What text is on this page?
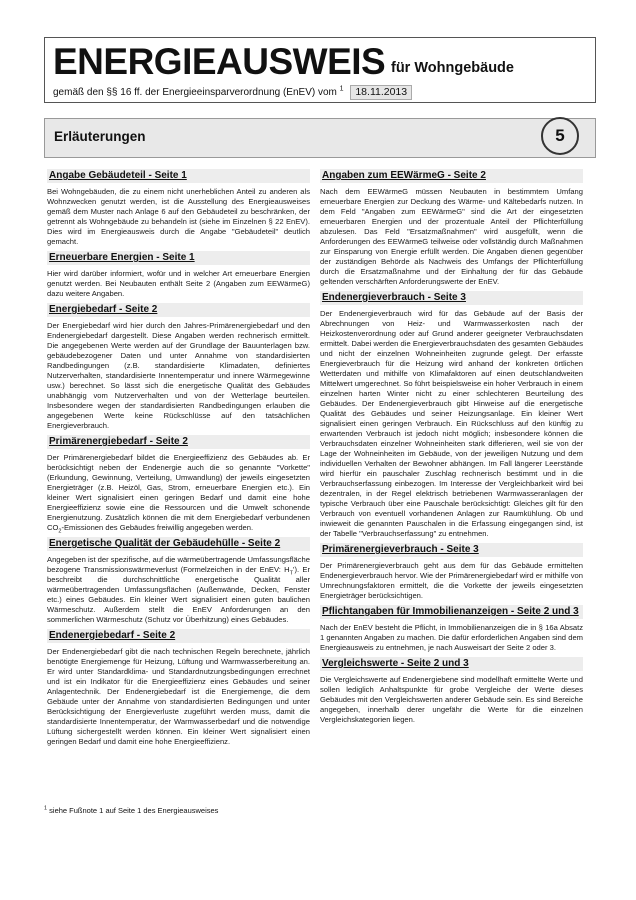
ENERGIEAUSWEIS für Wohngebäude
gemäß den §§ 16 ff. der Energieeinsparverordnung (EnEV) vom $^1$ 18.11.2013
Erläuterungen	5
Angabe Gebäudeteil - Seite 1

Bei Wohngebäuden, die zu einem nicht unerheblichen Anteil zu anderen als Wohnzwecken genutzt werden, ist die Ausstellung des Energieausweises gemäß dem Muster nach Anlage 6 auf den Gebäudeteil zu beschränken, der getrennt als Wohngebäude zu behandeln ist (siehe im Einzelnen § 22 EnEV). Dies wird im Energieausweis durch die Angabe "Gebäudeteil" deutlich gemacht.

Erneuerbare Energien - Seite 1

Hier wird darüber informiert, wofür und in welcher Art erneuerbare Energien genutzt werden. Bei Neubauten enthält Seite 2 (Angaben zum EEWärmeG) dazu weitere Angaben.

Energiebedarf - Seite 2

Der Energiebedarf wird hier durch den Jahres-Primärenergiebedarf und den Endenergiebedarf dargestellt. Diese Angaben werden rechnerisch ermittelt. Die angegebenen Werte werden auf der Grundlage der Bauunterlagen bzw. gebäudebezogener Daten und unter Annahme von standardisierten Randbedingungen (z.B. standardisierte Klimadaten, definiertes Nutzerverhalten, standardisierte Innentemperatur und innere Wärmegewinne usw.) berechnet. So lässt sich die energetische Qualität des Gebäudes unabhängig vom Nutzerverhalten und von der Wetterlage beurteilen. Insbesondere wegen der standardisierten Randbedingungen erlauben die angegebenen Werte keine Rückschlüsse auf den tatsächlichen Energieverbrauch.

Primärenergiebedarf - Seite 2

Der Primärenergiebedarf bildet die Energieeffizienz des Gebäudes ab. Er berücksichtigt neben der Endenergie auch die so genannte "Vorkette" (Erkundung, Gewinnung, Verteilung, Umwandlung) der jeweils eingesetzten Energieträger (z.B. Heizöl, Gas, Strom, erneuerbare Energien etc.). Ein kleiner Wert signalisiert einen geringen Bedarf und damit eine hohe Energieeffizienz sowie eine die Ressourcen und die Umwelt schonende Energienutzung. Zusätzlich können die mit dem Energiebedarf verbundenen $CO_2$-Emissionen des Gebäudes freiwillig angegeben werden.

Energetische Qualität der Gebäudehülle - Seite 2

Angegeben ist der spezifische, auf die wärmeübertragende Umfassungsfläche bezogene Transmissionswärmeverlust (Formelzeichen in der EnEV: $H_T'$). Er beschreibt die durchschnittliche energetische Qualität aller wärmeübertragenden Umfassungsflächen (Außenwände, Decken, Fenster etc.) eines Gebäudes. Ein kleiner Wert signalisiert einen guten baulichen Wärmeschutz. Außerdem stellt die EnEV Anforderungen an den sommerlichen Wärmeschutz (Schutz vor Überhitzung) eines Gebäudes.

Endenergiebedarf - Seite 2

Der Endenergiebedarf gibt die nach technischen Regeln berechnete, jährlich benötigte Energiemenge für Heizung, Lüftung und Warmwasserbereitung an. Er wird unter Standardklima- und Standardnutzungsbedingungen errechnet und ist ein Indikator für die Energieeffizienz eines Gebäudes und seiner Anlagentechnik. Der Endenergiebedarf ist die Energiemenge, die dem Gebäude unter der Annahme von standardisierten Bedingungen und unter Berücksichtigung der Energieverluste zugeführt werden muss, damit die standardisierte Innentemperatur, der Warmwasserbedarf und die notwendige Lüftung sichergestellt werden können. Ein kleiner Wert signalisiert einen geringen Bedarf und damit eine hohe Energieeffizienz.

Angaben zum EEWärmeG - Seite 2

Nach dem EEWärmeG müssen Neubauten in bestimmtem Umfang erneuerbare Energien zur Deckung des Wärme- und Kältebedarfs nutzen. In dem Feld "Angaben zum EEWärmeG" sind die Art der eingesetzten erneuerbaren Energien und der prozentuale Anteil der Pflichterfüllung abzulesen. Das Feld "Ersatzmaßnahmen" wird ausgefüllt, wenn die Anforderungen des EEWärmeG teilweise oder vollständig durch Maßnahmen zur Einsparung von Energie erfüllt werden. Die Angaben dienen gegenüber der zuständigen Behörde als Nachweis des Umfangs der Pflichterfüllung durch die Ersatzmaßnahme und der Einhaltung der für das Gebäude geltenden verschärften Anforderungswerte der EnEV.

Endenergieverbrauch - Seite 3

Der Endenergieverbrauch wird für das Gebäude auf der Basis der Abrechnungen von Heiz- und Warmwasserkosten nach der Heizkostenverordnung oder auf Grund anderer geeigneter Verbrauchsdaten ermittelt. Dabei werden die Energieverbrauchsdaten des gesamten Gebäudes und nicht der einzelnen Wohneinheiten zugrunde gelegt. Der erfasste Energieverbrauch für die Heizung wird anhand der konkreten örtlichen Wetterdaten und mithilfe von Klimafaktoren auf einen deutschlandweiten Mittelwert umgerechnet. So führt beispielsweise ein hoher Verbrauch in einem einzelnen harten Winter nicht zu einer schlechteren Beurteilung des Gebäudes. Der Endenergieverbrauch gibt Hinweise auf die energetische Qualität des Gebäudes und seiner Heizungsanlage. Ein kleiner Wert signalisiert einen geringen Verbrauch. Ein Rückschluss auf den künftig zu erwartenden Verbrauch ist jedoch nicht möglich; insbesondere können die Verbrauchsdaten einzelner Wohneinheiten stark differieren, weil sie von der Lage der Wohneinheiten im Gebäude, von der jeweiligen Nutzung und dem individuellen Verhalten der Bewohner abhängen. Im Fall längerer Leerstände wird hierfür ein pauschaler Zuschlag rechnerisch bestimmt und in die Verbrauchserfassung einbezogen. Im Interesse der Vergleichbarkeit wird bei dezentralen, in der Regel elektrisch betriebenen Warmwasseranlagen der typische Verbrauch über eine Pauschale berücksichtigt: Gleiches gilt für den Verbrauch von eventuell vorhandenen Anlagen zur Raumkühlung. Ob und inwieweit die genannten Pauschalen in die Erfassung eingegangen sind, ist der Tabelle "Verbrauchserfassung" zu entnehmen.

Primärenergieverbrauch - Seite 3

Der Primärenergieverbrauch geht aus dem für das Gebäude ermittelten Endenergieverbrauch hervor. Wie der Primärenergiebedarf wird er mithilfe von Umrechnungsfaktoren ermittelt, die die Vorkette der jeweils eingesetzten Energieträger berücksichtigen.

Pflichtangaben für Immobilienanzeigen - Seite 2 und 3

Nach der EnEV besteht die Pflicht, in Immobilienanzeigen die in § 16a Absatz 1 genannten Angaben zu machen. Die dafür erforderlichen Angaben sind dem Energieausweis zu entnehmen, je nach Ausweisart der Seite 2 oder 3.

Vergleichswerte - Seite 2 und 3

Die Vergleichswerte auf Endenergiebene sind modellhaft ermittelte Werte und sollen lediglich Anhaltspunkte für grobe Vergleiche der Werte dieses Gebäudes mit den Vergleichswerten anderer Gebäude sein. Es sind Bereiche angegeben, innerhalb derer ungefähr die Werte für die einzelnen Vergleichskategorien liegen.

$^1$ siehe Fußnote 1 auf Seite 1 des Energieausweises
